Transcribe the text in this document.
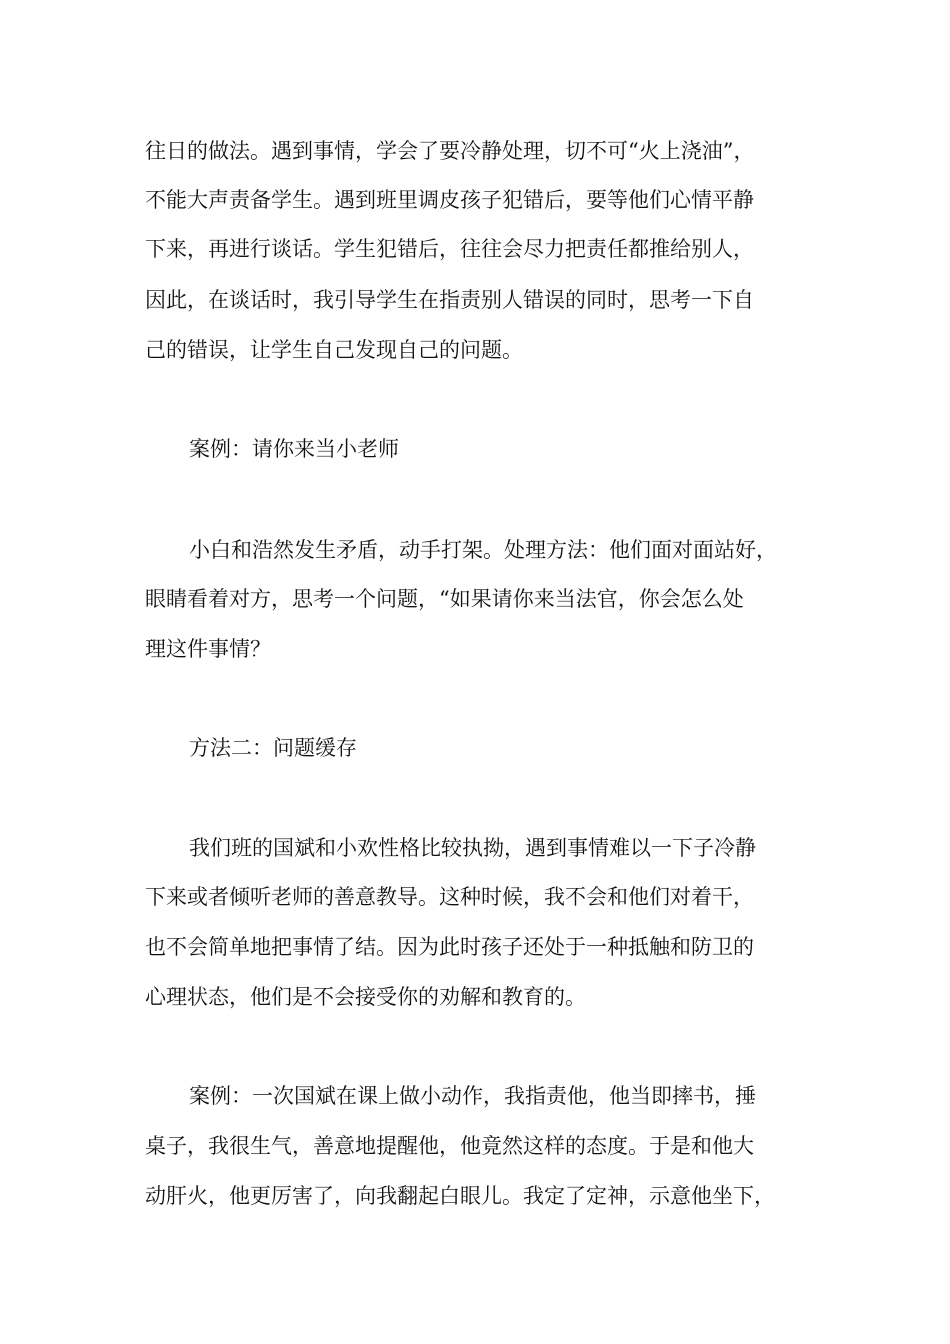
往日的做法。遇到事情，学会了要冷静处理，切不可“火上浇油”，
不能大声责备学生。遇到班里调皮孩子犯错后，要等他们心情平静
下来，再进行谈话。学生犯错后，往往会尽力把责任都推给别人，
因此，在谈话时，我引导学生在指责别人错误的同时，思考一下自
己的错误，让学生自己发现自己的问题。
案例：请你来当小老师
小白和浩然发生矛盾，动手打架。处理方法：他们面对面站好，
眼睛看着对方，思考一个问题，“如果请你来当法官，你会怎么处
理这件事情？
方法二：问题缓存
我们班的国斌和小欢性格比较执拗，遇到事情难以一下子冷静
下来或者倾听老师的善意教导。这种时候，我不会和他们对着干，
也不会简单地把事情了结。因为此时孩子还处于一种抵触和防卫的
心理状态，他们是不会接受你的劝解和教育的。
案例：一次国斌在课上做小动作，我指责他，他当即摔书，捶
桌子，我很生气，善意地提醒他，他竟然这样的态度。于是和他大
动肝火，他更厉害了，向我翻起白眼儿。我定了定神，示意他坐下，
